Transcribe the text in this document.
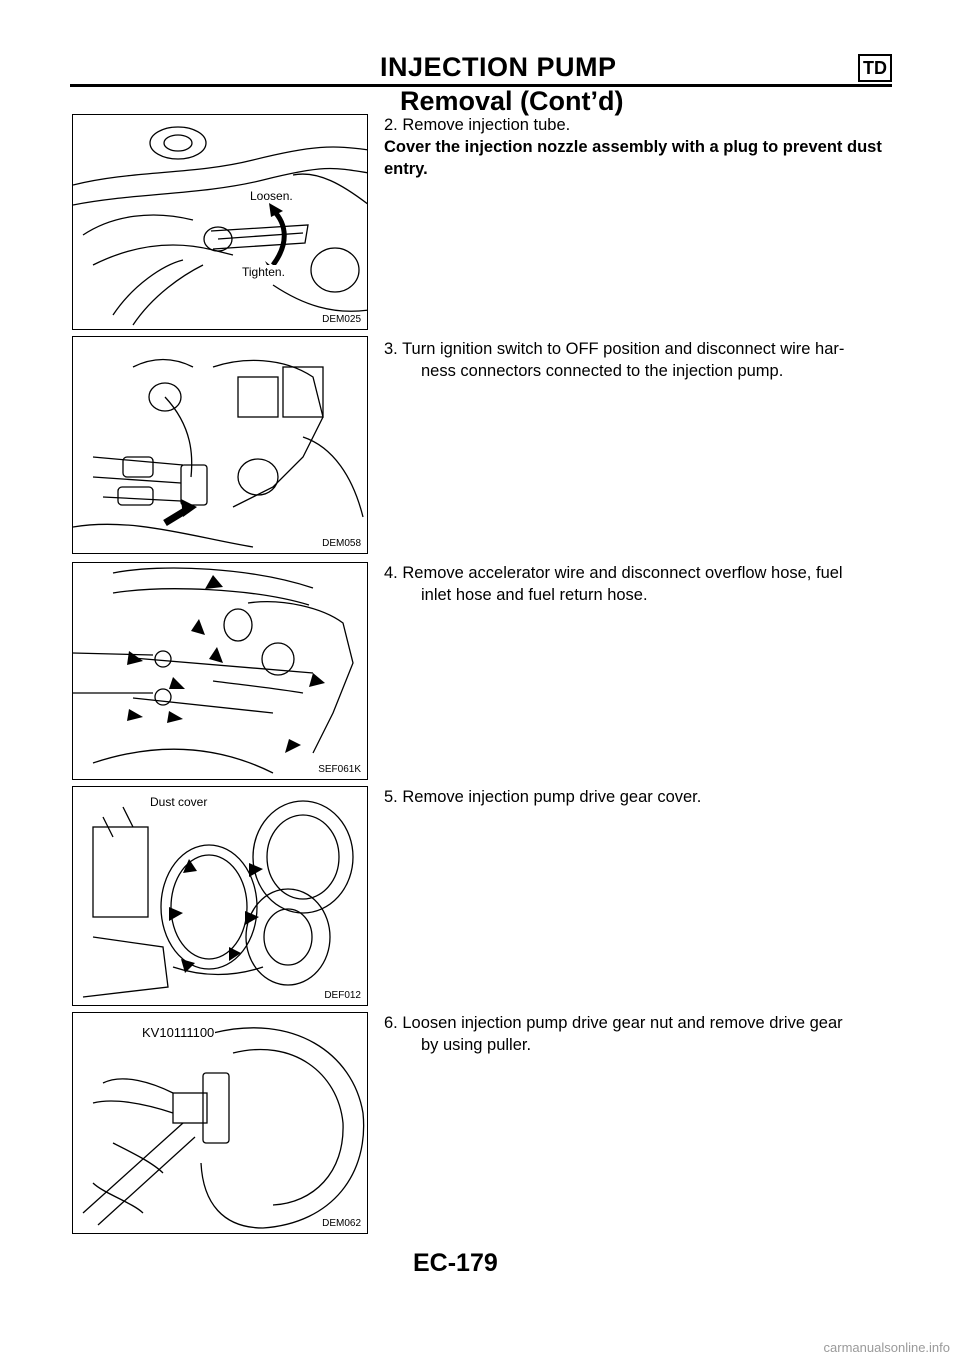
INJECTION PUMP	TD
Removal (Cont’d)
Loosen.
Tighten.
DEM025
DEM058
SEF061K
Dust cover
DEF012
KV10111100
DEM062
2. Remove injection tube.
Cover the injection nozzle assembly with a plug to prevent dust entry.
3. Turn ignition switch to OFF position and disconnect wire har-
ness connectors connected to the injection pump.
4. Remove accelerator wire and disconnect overflow hose, fuel
inlet hose and fuel return hose.
5. Remove injection pump drive gear cover.
6. Loosen injection pump drive gear nut and remove drive gear
by using puller.
EC-179
carmanualsonline.info
